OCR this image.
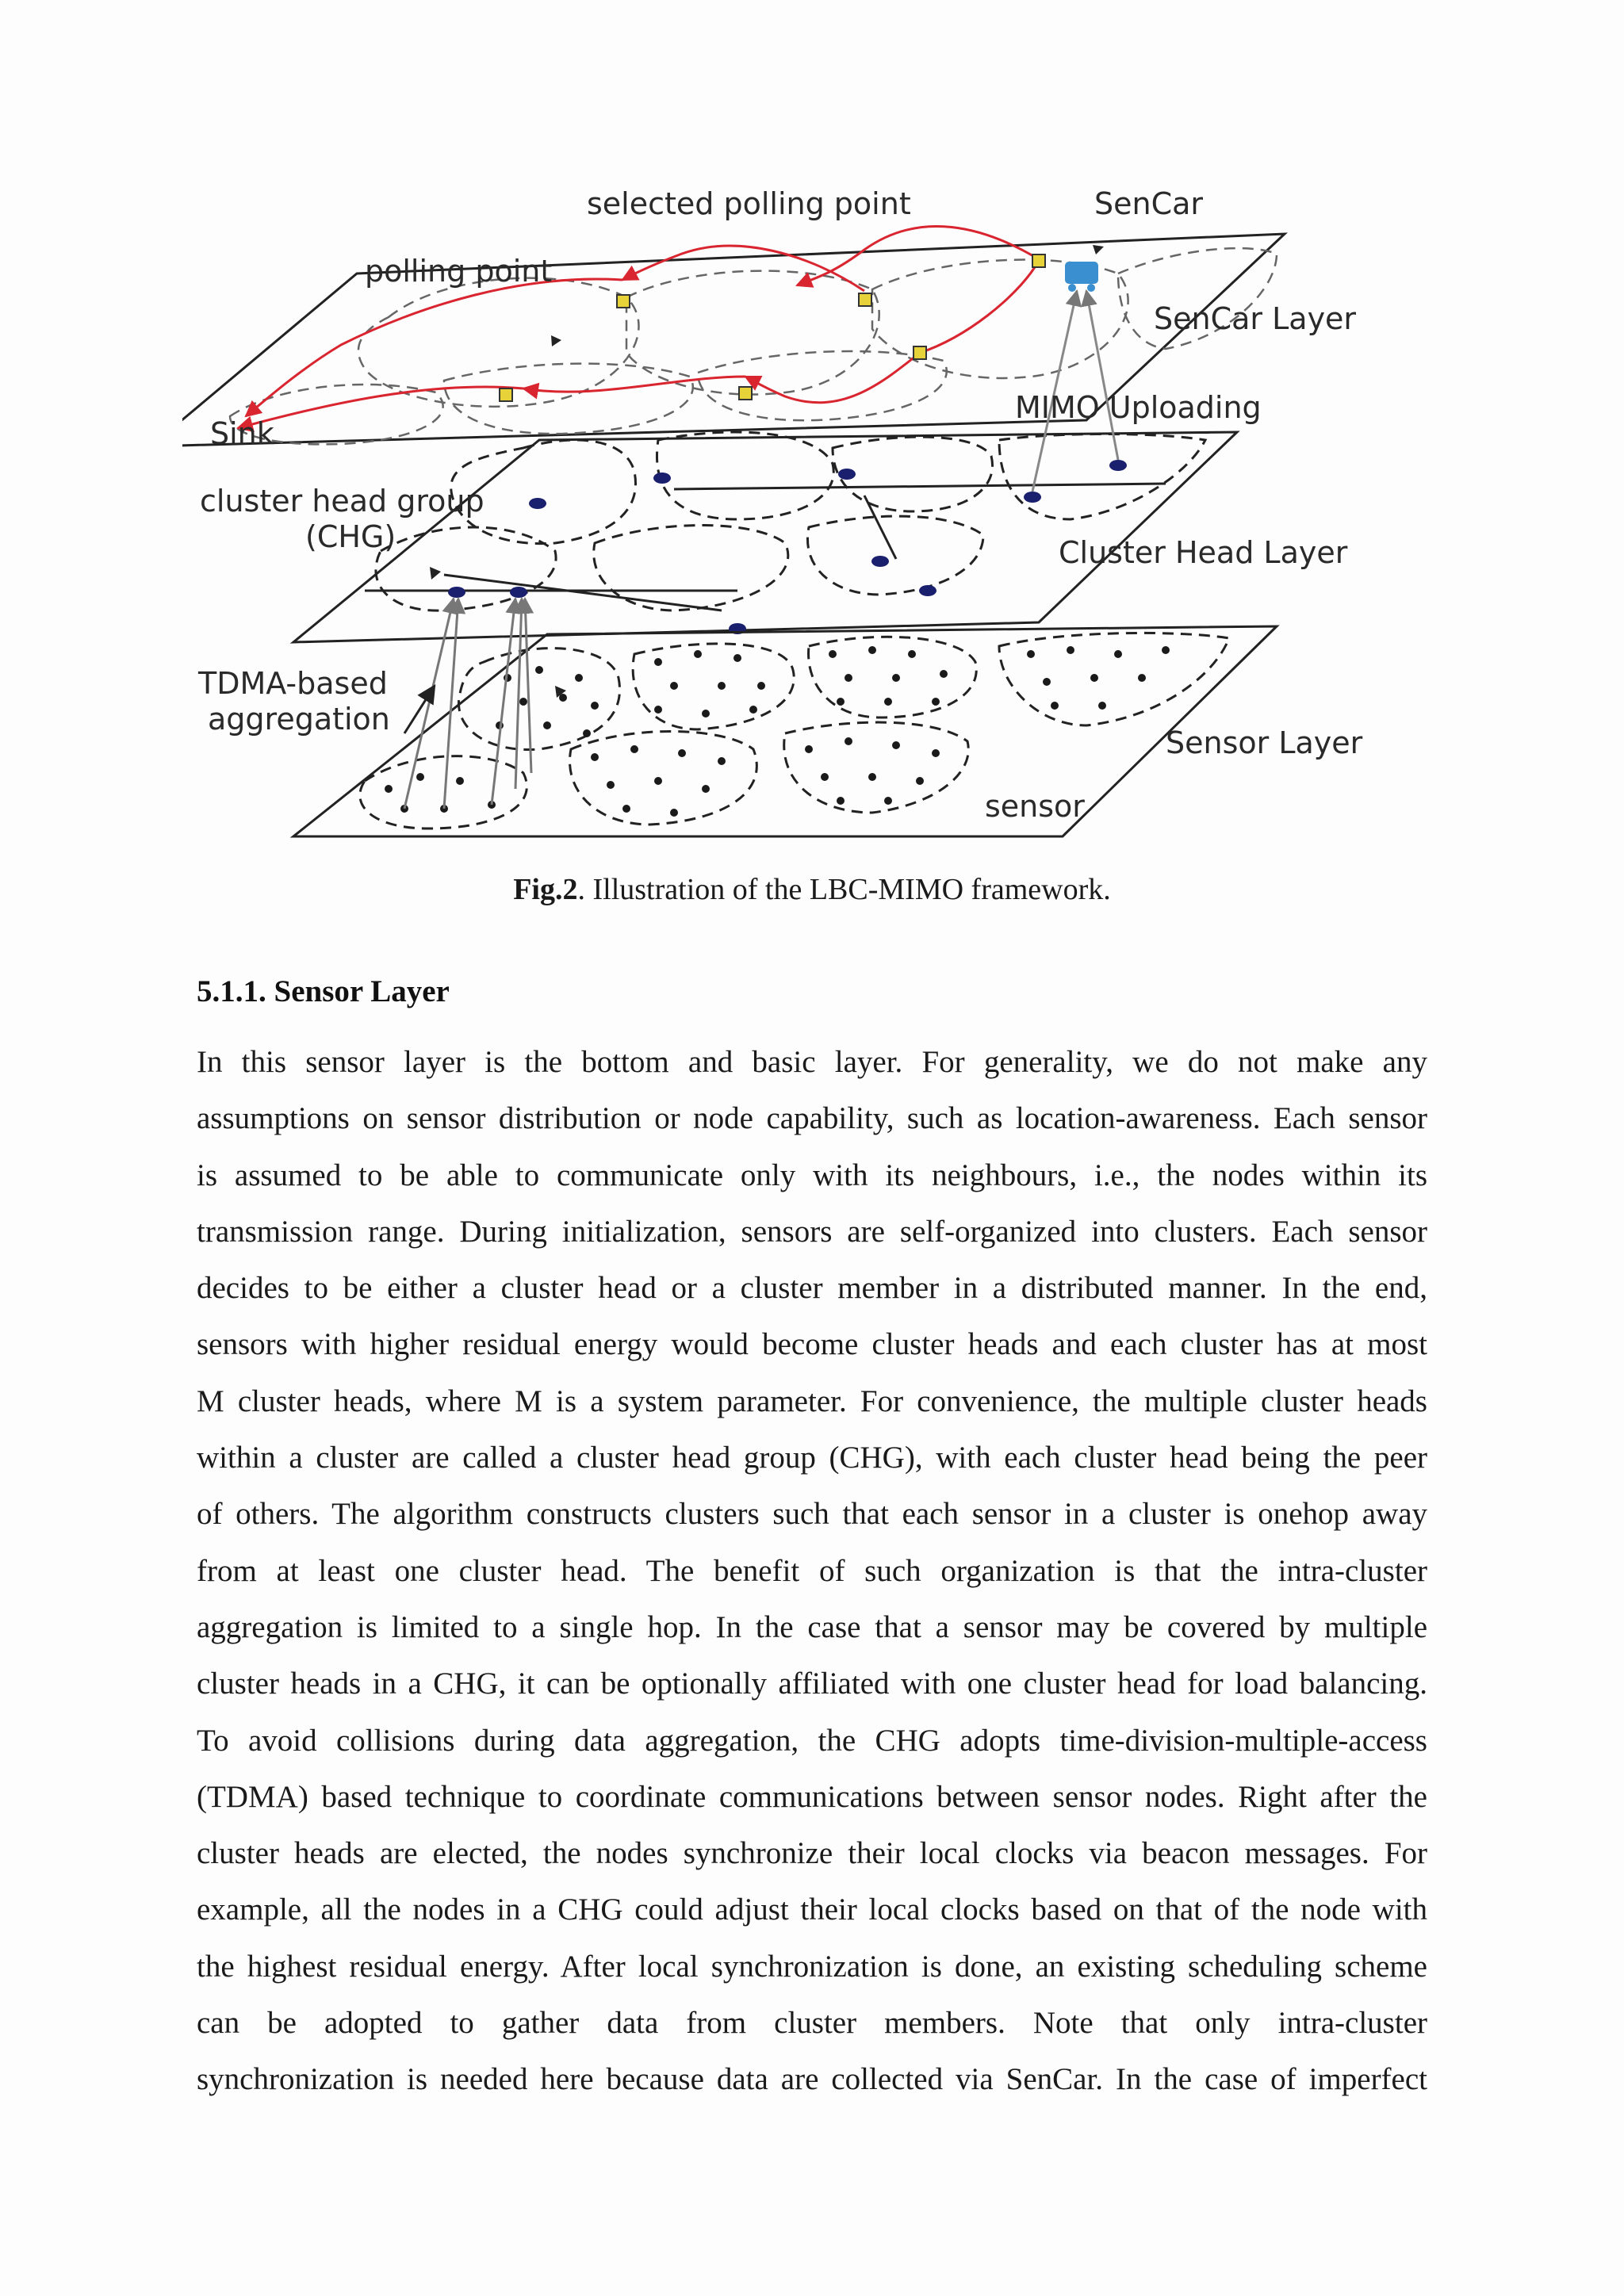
selected polling point	SenCar
polling point
SenCar Layer
MIMO Uploading
Sink
cluster head group
(CHG)	Cluster Head Layer
TDMA-based
aggregation
Sensor Layer
sensor
Fig.2. Illustration of the LBC-MIMO framework.
5.1.1. Sensor Layer
In this sensor layer is the bottom and basic layer. For generality, we do not make any
assumptions on sensor distribution or node capability, such as location-awareness. Each sensor
is assumed to be able to communicate only with its neighbours, i.e., the nodes within its
transmission range. During initialization, sensors are self-organized into clusters. Each sensor
decides to be either a cluster head or a cluster member in a distributed manner. In the end,
sensors with higher residual energy would become cluster heads and each cluster has at most
M cluster heads, where M is a system parameter. For convenience, the multiple cluster heads
within a cluster are called a cluster head group (CHG), with each cluster head being the peer
of others. The algorithm constructs clusters such that each sensor in a cluster is onehop away
from at least one cluster head. The benefit of such organization is that the intra-cluster
aggregation is limited to a single hop. In the case that a sensor may be covered by multiple
cluster heads in a CHG, it can be optionally affiliated with one cluster head for load balancing.
To avoid collisions during data aggregation, the CHG adopts time-division-multiple-access
(TDMA) based technique to coordinate communications between sensor nodes. Right after the
cluster heads are elected, the nodes synchronize their local clocks via beacon messages. For
example, all the nodes in a CHG could adjust their local clocks based on that of the node with
the highest residual energy. After local synchronization is done, an existing scheduling scheme
can be adopted to gather data from cluster members. Note that only intra-cluster
synchronization is needed here because data are collected via SenCar. In the case of imperfect
